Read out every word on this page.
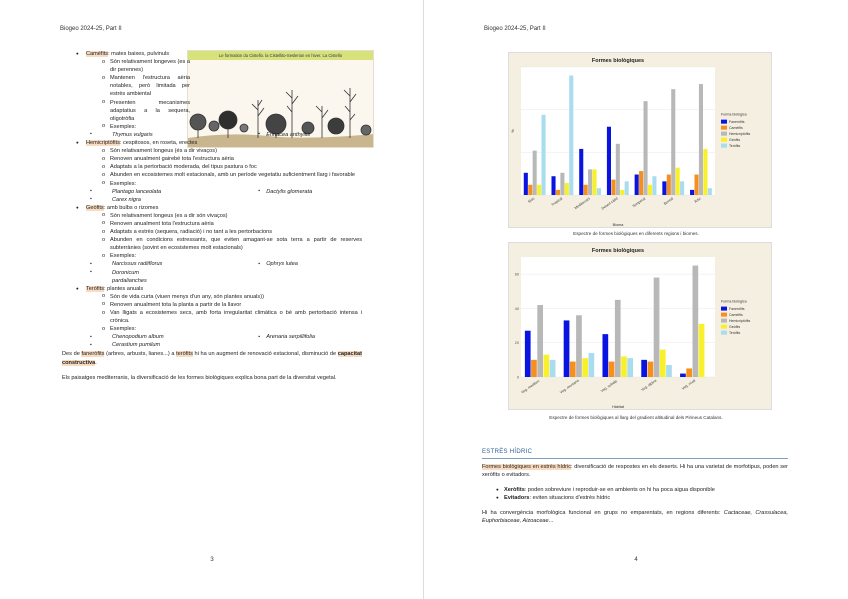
Biogeo 2024-25, Part II
Le formation du Cistello. la Cistellito-Seslerion en hiver. La Cistello
● Caméfits: mates baixes, pulvinuls
o Són relativament longeves (es a dir perennes)
o Mantenen l'estructura aèria notables, però limitada per estrès ambiental
o Presenten mecanismes adaptatius a la sequera, oligotròfia
o Exemples:
▪ Thymus vulgaris	▪ Erinacea anthyllis
● Hemicriptòfits: cespitosos, en roseta, erectes
o Són relativament longeus (és a dir vivaços)
o Renoven anualment gairebé tota l'estructura aèria
o Adaptats a la pertorbació moderada, del tipus pastura o foc
o Abunden en ecosistemes molt estacionals, amb un període vegetatiu suficientment llarg i favorable
o Exemples:
▪ Plantago lanceolata	▪ Dactylis glomerata
▪ Carex nigra
● Geòfits: amb bulbs o rizomes
o Són relativament longeus (es a dir són vivaços)
o Renoven anualment tota l'estructura aèria
o Adaptats a estrès (sequera, radiació) i no tant a les pertorbacions
o Abunden en condicions estressants, que eviten amagant-se sota terra a partir de reserves subterrànies (sovint en ecosistemes molt estacionals)
o Exemples:
▪ Narcissus radiiflorus	▪ Ophrys lutea
▪ Doronicum pardalianches
● Teròfits: plantes anuals
o Són de vida curta (viuen menys d'un any, són plantes anuals))
o Renoven anualment tota la planta a partir de la llavor
o Van lligats a ecosistemes secs, amb forta irregularitat climàtica o bé amb pertorbació intensa i crònica.
o Exemples:
▪ Chenopodium album	▪ Arenaria serpillifolia
▪ Cerastium pumilum

Des de faneròfits (arbres, arbusts, lianes...) a teròfits hi ha un augment de renovació estacional, disminució de capacitat constructiva.

Els paisatges mediterranis, la diversificació de les formes biològiques explica bona part de la diversitat vegetal.

3
Biogeo 2024-25, Part II
4
Formes biològiques
Món	Tropical	Mediterrani	Desert càlid	Temperat	Boreal	Àrtic
Bioma
%
Forma biològica
Faneròfits
Caméfits
Hemicriptòfits
Geòfits
Teròfits
Espectre de formes biològiques en diferents regions i biomes.
Formes biològiques
0
20
40
60
Veg. mediterr.	Veg. montana	Veg. subalp.	Veg. alpina	Veg. nival
Hàbitat
Forma biològica
Faneròfits
Caméfits
Hemicriptòfits
Geòfits
Teròfits
Espectre de formes biològiques al llarg del gradient altitudinal dels Pirineus Catalans.
ESTRÈS HÍDRIC

Formes biològiques en estrès hídric: diversificació de respostes en els deserts. Hi ha una varietat de morfotipus, poden ser xeròfits o evitadors.

● Xeròfits: poden sobreviure i reproduir-se en ambients on hi ha poca aigua disponible
● Evitadors: eviten situacions d'estrès hídric

Hi ha convergència morfològica funcional en grups no emparentats, en regions diferents: Cactaceae, Crassulacea, Euphorbiaceae, Aizoaceae...
